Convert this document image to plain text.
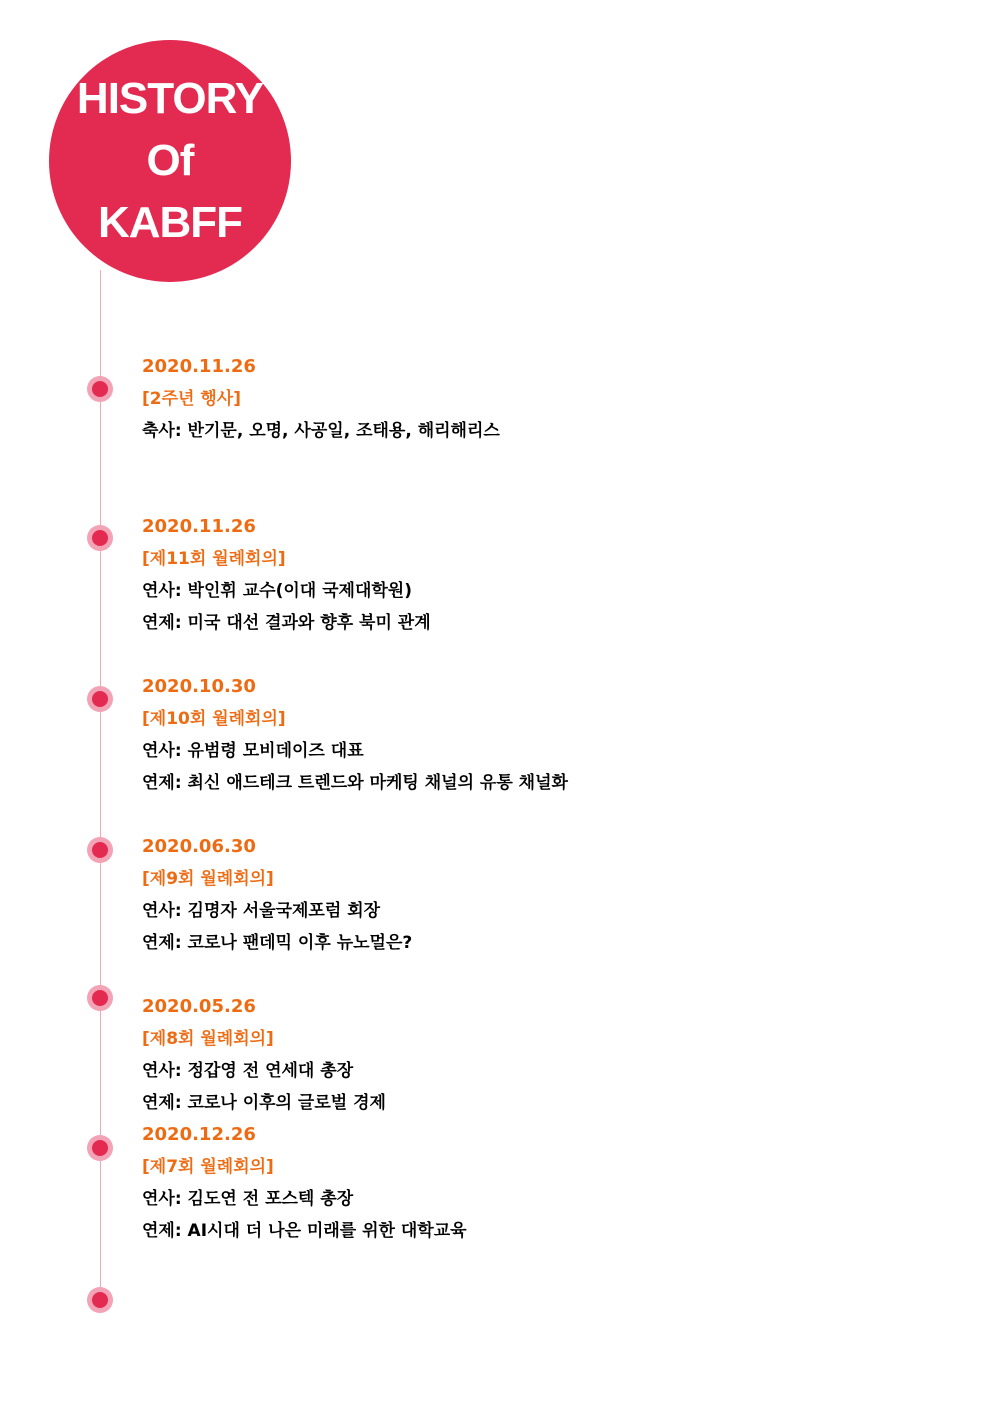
HISTORY
Of
KABFF
2020.11.26
[2주년 행사]
축사: 반기문, 오명, 사공일, 조태용, 해리해리스
2020.11.26
[제11회 월례회의]
연사: 박인휘 교수(이대 국제대학원)
연제: 미국 대선 결과와 향후 북미 관계
2020.10.30
[제10회 월례회의]
연사: 유범령 모비데이즈 대표
연제: 최신 애드테크 트렌드와 마케팅 채널의 유통 채널화
2020.06.30
[제9회 월례회의]
연사: 김명자 서울국제포럼 회장
연제: 코로나 팬데믹 이후 뉴노멀은?
2020.05.26
[제8회 월례회의]
연사: 정갑영 전 연세대 총장
연제: 코로나 이후의 글로벌 경제
2020.12.26
[제7회 월례회의]
연사: 김도연 전 포스텍 총장
연제: AI시대 더 나은 미래를 위한 대학교육
